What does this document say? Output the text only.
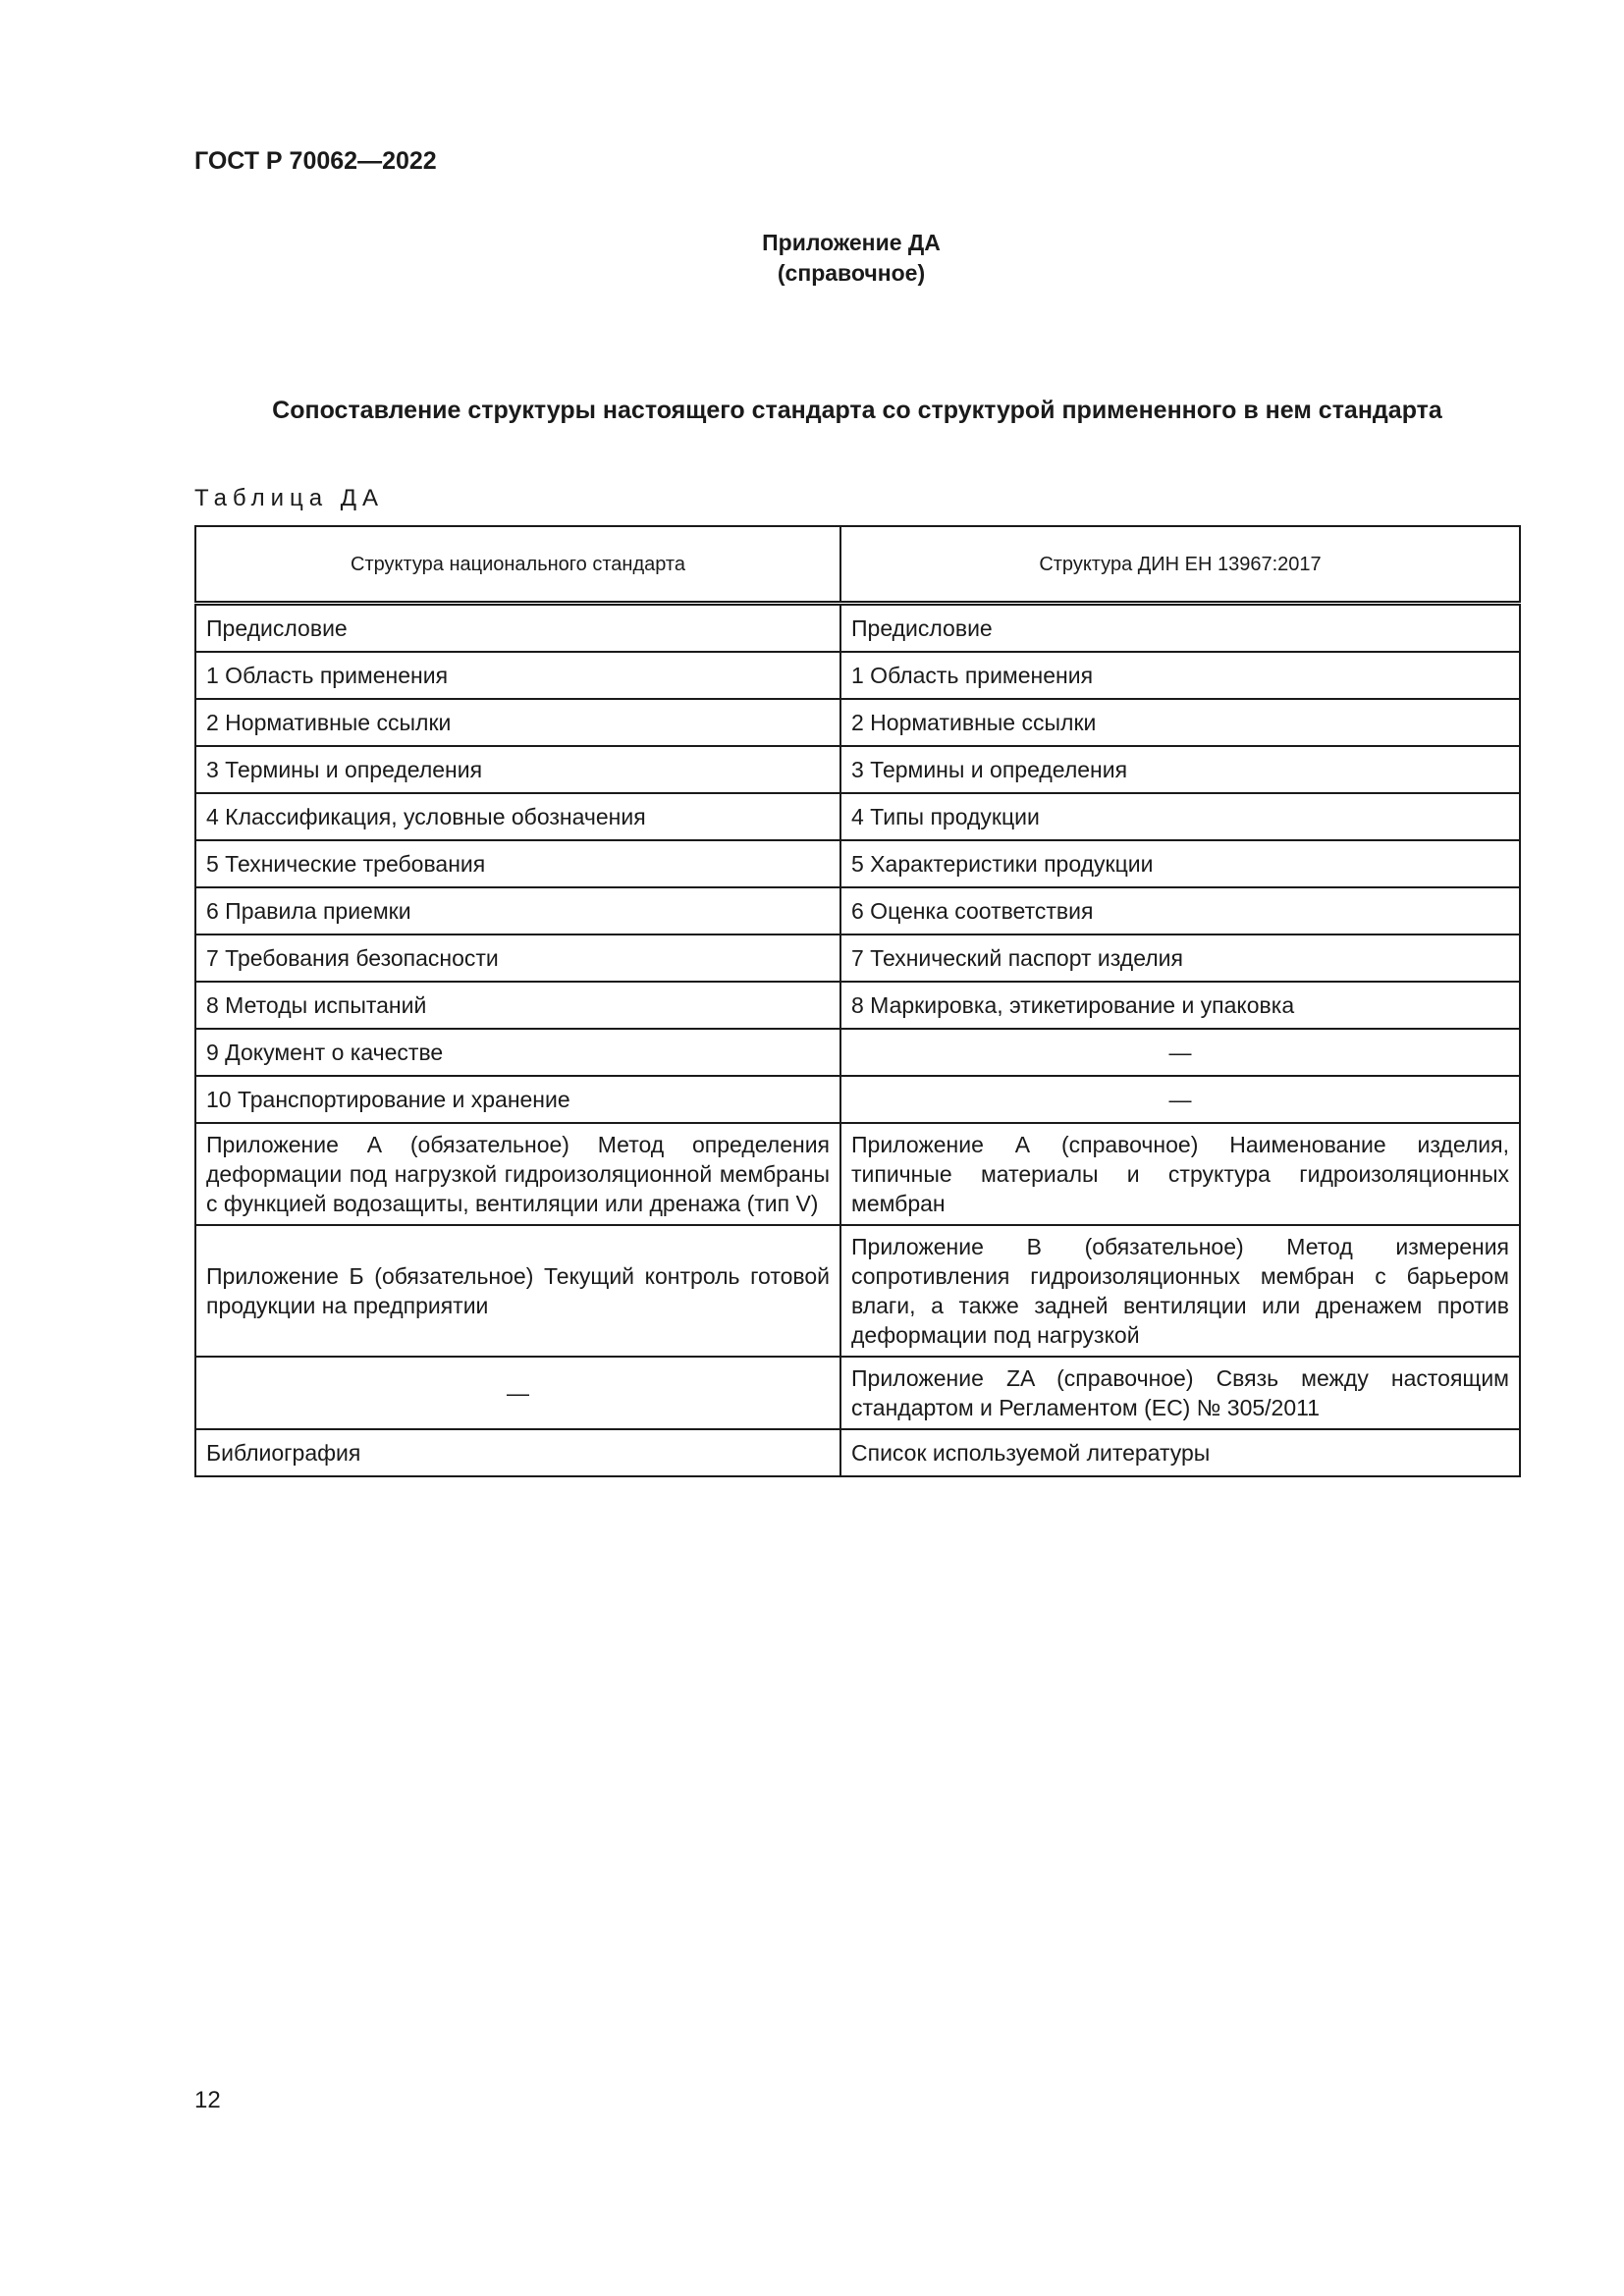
ГОСТ Р 70062—2022
Приложение ДА
(справочное)
Сопоставление структуры настоящего стандарта со структурой примененного в нем стандарта
Таблица ДА
Структура национального стандарта	Структура ДИН ЕН 13967:2017
Предисловие	Предисловие
1 Область применения	1 Область применения
2 Нормативные ссылки	2 Нормативные ссылки
3 Термины и определения	3 Термины и определения
4 Классификация, условные обозначения	4 Типы продукции
5 Технические требования	5 Характеристики продукции
6 Правила приемки	6 Оценка соответствия
7 Требования безопасности	7 Технический паспорт изделия
8 Методы испытаний	8 Маркировка, этикетирование и упаковка
9 Документ о качестве	—
10 Транспортирование и хранение	—
Приложение А (обязательное) Метод определения деформации под нагрузкой гидроизоляционной мембраны с функцией водозащиты, вентиляции или дренажа (тип V)	Приложение А (справочное) Наименование изделия, типичные материалы и структура гидроизоляционных мембран
Приложение Б (обязательное) Текущий контроль готовой продукции на предприятии	Приложение В (обязательное) Метод измерения сопротивления гидроизоляционных мембран с барьером влаги, а также задней вентиляции или дренажем против деформации под нагрузкой
—	Приложение ZA (справочное) Связь между настоящим стандартом и Регламентом (ЕС) № 305/2011
Библиография	Список используемой литературы
12
